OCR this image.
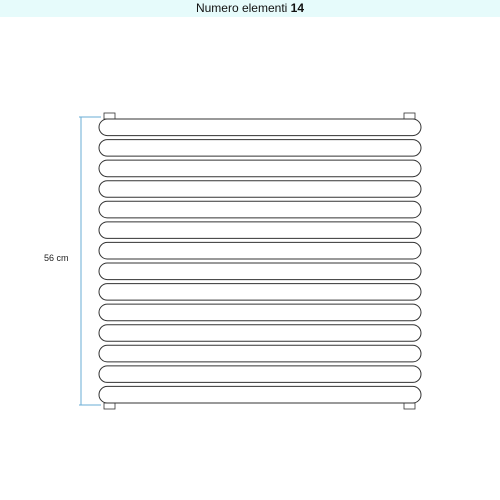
Numero elementi 14
56 cm
